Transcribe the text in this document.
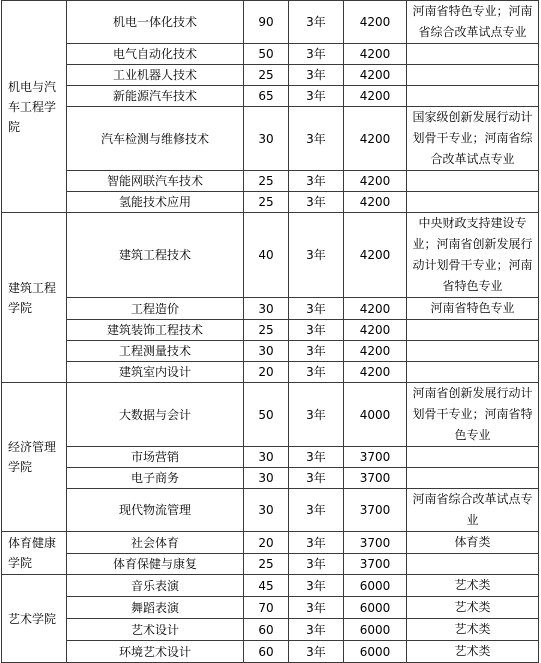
机电与汽车工程学院	机电一体化技术	90	3年	4200	河南省特色专业；河南省综合改革试点专业
	电气自动化技术	50	3年	4200	
	工业机器人技术	25	3年	4200	
	新能源汽车技术	65	3年	4200	
	汽车检测与维修技术	30	3年	4200	国家级创新发展行动计划骨干专业；河南省综合改革试点专业
	智能网联汽车技术	25	3年	4200	
	氢能技术应用	25	3年	4200	
建筑工程学院	建筑工程技术	40	3年	4200	中央财政支持建设专业；河南省创新发展行动计划骨干专业；河南省特色专业
	工程造价	30	3年	4200	河南省特色专业
	建筑装饰工程技术	25	3年	4200	
	工程测量技术	30	3年	4200	
	建筑室内设计	20	3年	4200	
经济管理学院	大数据与会计	50	3年	4000	河南省创新发展行动计划骨干专业；河南省特色专业
	市场营销	30	3年	3700	
	电子商务	30	3年	3700	
	现代物流管理	30	3年	3700	河南省综合改革试点专业
体育健康学院	社会体育	20	3年	3700	体育类
	体育保健与康复	25	3年	3700	
艺术学院	音乐表演	45	3年	6000	艺术类
	舞蹈表演	70	3年	6000	艺术类
	艺术设计	60	3年	6000	艺术类
	环境艺术设计	60	3年	6000	艺术类
